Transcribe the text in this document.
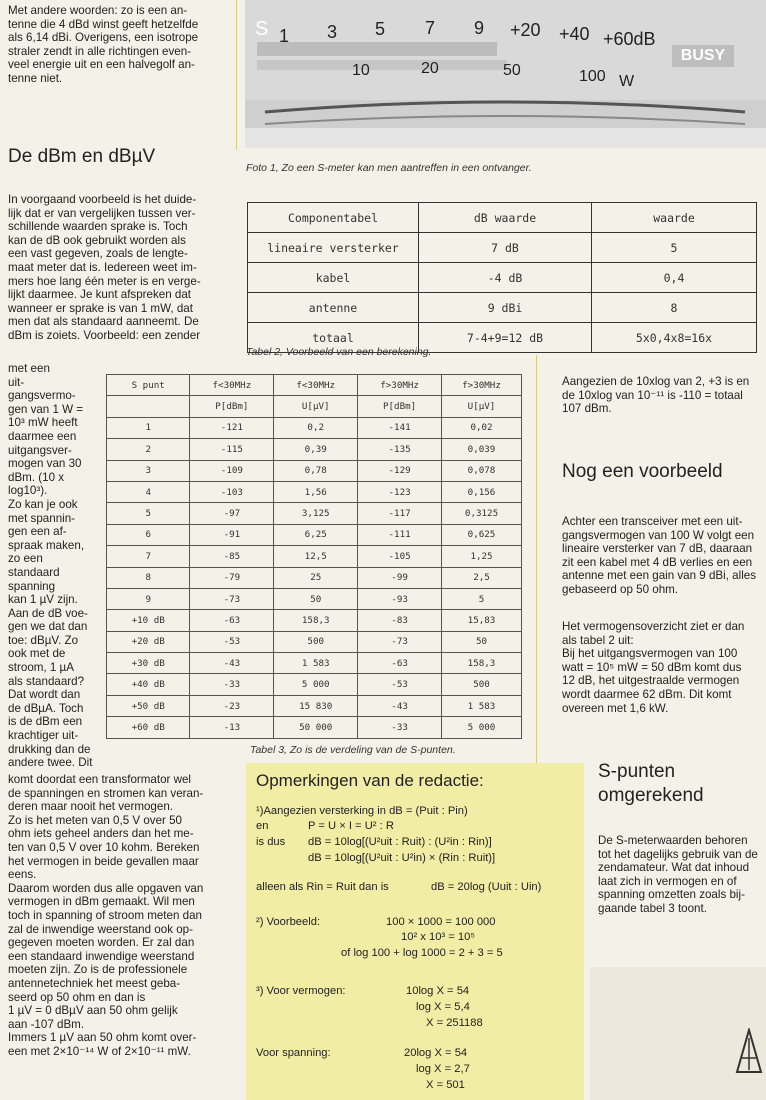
Met andere woorden: zo is een an-
tenne die 4 dBd winst geeft hetzelfde
als 6,14 dBi. Overigens, een isotrope
straler zendt in alle richtingen even-
veel energie uit en een halvegolf an-
tenne niet.
De dBm en dBµV
In voorgaand voorbeeld is het duide-
lijk dat er van vergelijken tussen ver-
schillende waarden sprake is. Toch
kan de dB ook gebruikt worden als
een vast gegeven, zoals de lengte-
maat meter dat is. Iedereen weet im-
mers hoe lang één meter is en verge-
lijkt daarmee. Je kunt afspreken dat
wanneer er sprake is van 1 mW, dat
men dat als standaard aanneemt. De
dBm is zoiets. Voorbeeld: een zender
met een
uit-
gangsvermo-
gen van 1 W =
10³ mW heeft
daarmee een
uitgangsver-
mogen van 30
dBm. (10 x
log10³).
Zo kan je ook
met spannin-
gen een af-
spraak maken,
zo een
standaard spanning
kan 1 µV zijn.
Aan de dB voe-
gen we dat dan
toe: dBµV. Zo
ook met de
stroom, 1 µA
als standaard?
Dat wordt dan
de dBµA. Toch
is de dBm een
krachtiger uit-
drukking dan de andere twee. Dit
komt doordat een transformator wel
de spanningen en stromen kan veran-
deren maar nooit het vermogen.
Zo is het meten van 0,5 V over 50
ohm iets geheel anders dan het me-
ten van 0,5 V over 10 kohm. Bereken
het vermogen in beide gevallen maar
eens.
Daarom worden dus alle opgaven van
vermogen in dBm gemaakt. Wil men
toch in spanning of stroom meten dan
zal de inwendige weerstand ook op-
gegeven moeten worden. Er zal dan
een standaard inwendige weerstand
moeten zijn. Zo is de professionele
antennetechniek het meest geba-
seerd op 50 ohm en dan is
1 µV = 0 dBµV aan 50 ohm gelijk
aan -107 dBm.
Immers 1 µV aan 50 ohm komt over-
een met 2×10⁻¹⁴ W of 2×10⁻¹¹ mW.
S 1 3 5 7 9 +20 +40 +60dB
10	20	50	100 W
BUSY
Foto 1, Zo een S-meter kan men aantreffen in een ontvanger.
Componentabel	dB waarde	waarde
lineaire versterker	7 dB	5
kabel	-4 dB	0,4
antenne	9 dBi	8
totaal	7-4+9=12 dB	5x0,4x8=16x
Tabel 2, Voorbeeld van een berekening.
S punt	f<30MHz	f<30MHz	f>30MHz	f>30MHz
	P[dBm]	U[µV]	P[dBm]	U[µV]
1	-121	0,2	-141	0,02
2	-115	0,39	-135	0,039
3	-109	0,78	-129	0,078
4	-103	1,56	-123	0,156
5	-97	3,125	-117	0,3125
6	-91	6,25	-111	0,625
7	-85	12,5	-105	1,25
8	-79	25	-99	2,5
9	-73	50	-93	5
+10 dB	-63	158,3	-83	15,83
+20 dB	-53	500	-73	50
+30 dB	-43	1 583	-63	158,3
+40 dB	-33	5 000	-53	500
+50 dB	-23	15 830	-43	1 583
+60 dB	-13	50 000	-33	5 000
Tabel 3, Zo is de verdeling van de S-punten.
Aangezien de 10xlog van 2, +3 is en
de 10xlog van 10⁻¹¹ is -110 = totaal
107 dBm.
Nog een voorbeeld
Achter een transceiver met een uit-
gangsvermogen van 100 W volgt een
lineaire versterker van 7 dB, daaraan
zit een kabel met 4 dB verlies en een
antenne met een gain van 9 dBi, alles
gebaseerd op 50 ohm.
Het vermogensoverzicht ziet er dan
als tabel 2 uit:
Bij het uitgangsvermogen van 100
watt = 10⁵ mW = 50 dBm komt dus
12 dB, het uitgestraalde vermogen
wordt daarmee 62 dBm. Dit komt
overeen met 1,6 kW.
S-punten
omgerekend
De S-meterwaarden behoren
tot het dagelijks gebruik van de
zendamateur. Wat dat inhoud
laat zich in vermogen en of
spanning omzetten zoals bij-
gaande tabel 3 toont.
Opmerkingen van de redactie:
¹)Aangezien versterking in dB = (Puit : Pin)
en	P = U × I = U² : R
is dus dB = 10log[(U²uit : Ruit) : (U²in : Rin)]
dB = 10log[(U²uit : U²in) × (Rin : Ruit)]
alleen als Rin = Ruit dan is	dB = 20log (Uuit : Uin)
²) Voorbeeld:	100 × 1000 = 100 000
10² x 10³ = 10⁵
of log 100 + log 1000 = 2 + 3 = 5
³) Voor vermogen:	10log X = 54
log X = 5,4
X = 251188
Voor spanning:	20log X = 54
log X = 2,7
X = 501
